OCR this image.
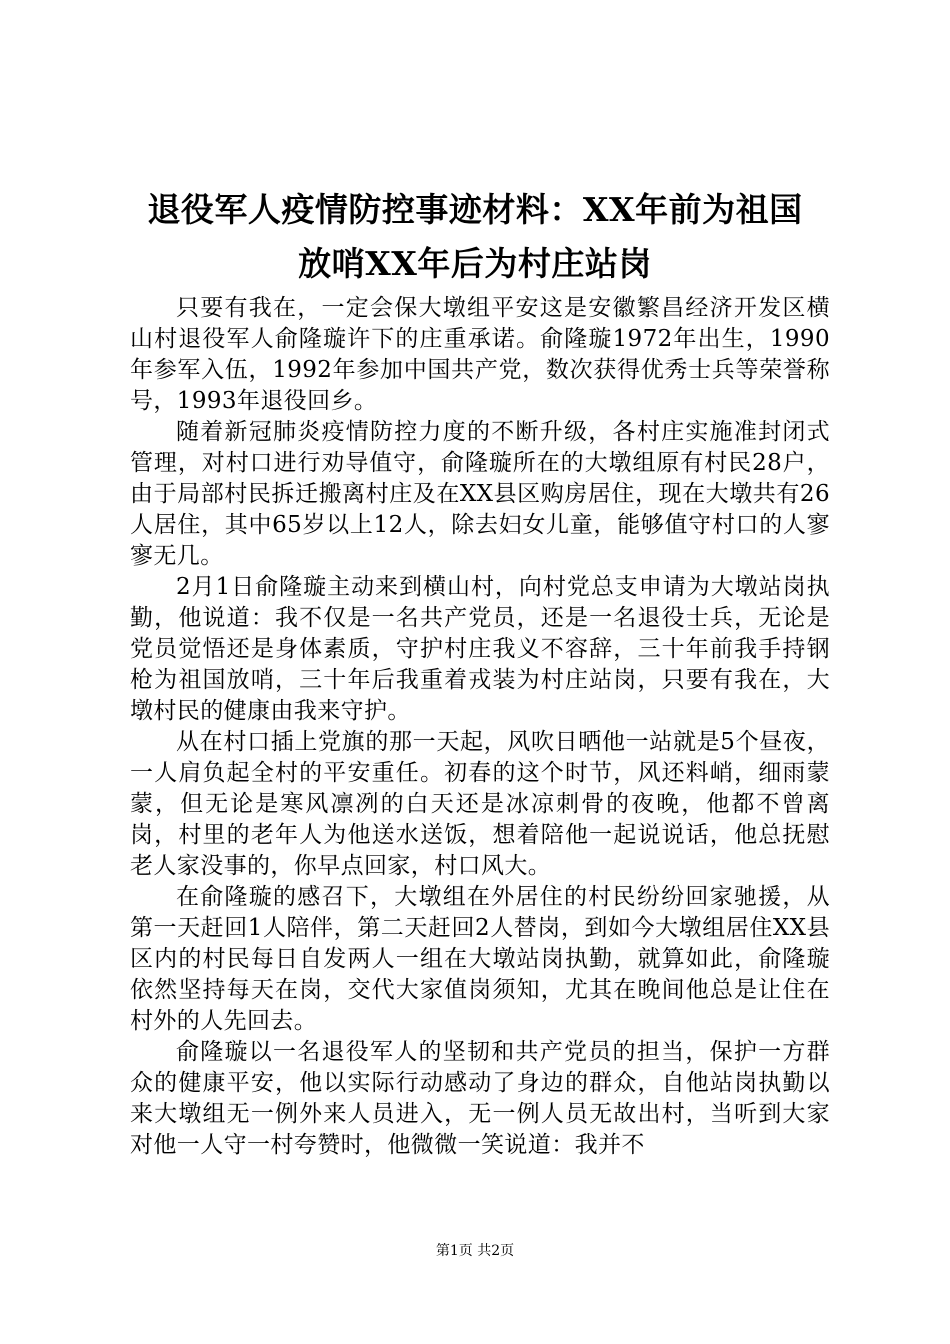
退役军人疫情防控事迹材料：XX年前为祖国
放哨XX年后为村庄站岗

只要有我在，一定会保大墩组平安这是安徽繁昌经济开发区横山村退役军人俞隆璇许下的庄重承诺。俞隆璇1972年出生，1990年参军入伍，1992年参加中国共产党，数次获得优秀士兵等荣誉称号，1993年退役回乡。

随着新冠肺炎疫情防控力度的不断升级，各村庄实施准封闭式管理，对村口进行劝导值守，俞隆璇所在的大墩组原有村民28户，由于局部村民拆迁搬离村庄及在XX县区购房居住，现在大墩共有26人居住，其中65岁以上12人，除去妇女儿童，能够值守村口的人寥寥无几。

2月1日俞隆璇主动来到横山村，向村党总支申请为大墩站岗执勤，他说道：我不仅是一名共产党员，还是一名退役士兵，无论是党员觉悟还是身体素质，守护村庄我义不容辞，三十年前我手持钢枪为祖国放哨，三十年后我重着戎装为村庄站岗，只要有我在，大墩村民的健康由我来守护。

从在村口插上党旗的那一天起，风吹日晒他一站就是5个昼夜，一人肩负起全村的平安重任。初春的这个时节，风还料峭，细雨蒙蒙，但无论是寒风凛冽的白天还是冰凉刺骨的夜晚，他都不曾离岗，村里的老年人为他送水送饭，想着陪他一起说说话，他总抚慰老人家没事的，你早点回家，村口风大。

在俞隆璇的感召下，大墩组在外居住的村民纷纷回家驰援，从第一天赶回1人陪伴，第二天赶回2人替岗，到如今大墩组居住XX县区内的村民每日自发两人一组在大墩站岗执勤，就算如此，俞隆璇依然坚持每天在岗，交代大家值岗须知，尤其在晚间他总是让住在村外的人先回去。

俞隆璇以一名退役军人的坚韧和共产党员的担当，保护一方群众的健康平安，他以实际行动感动了身边的群众，自他站岗执勤以来大墩组无一例外来人员进入，无一例人员无故出村，当听到大家对他一人守一村夸赞时，他微微一笑说道：我并不

第1页 共2页
